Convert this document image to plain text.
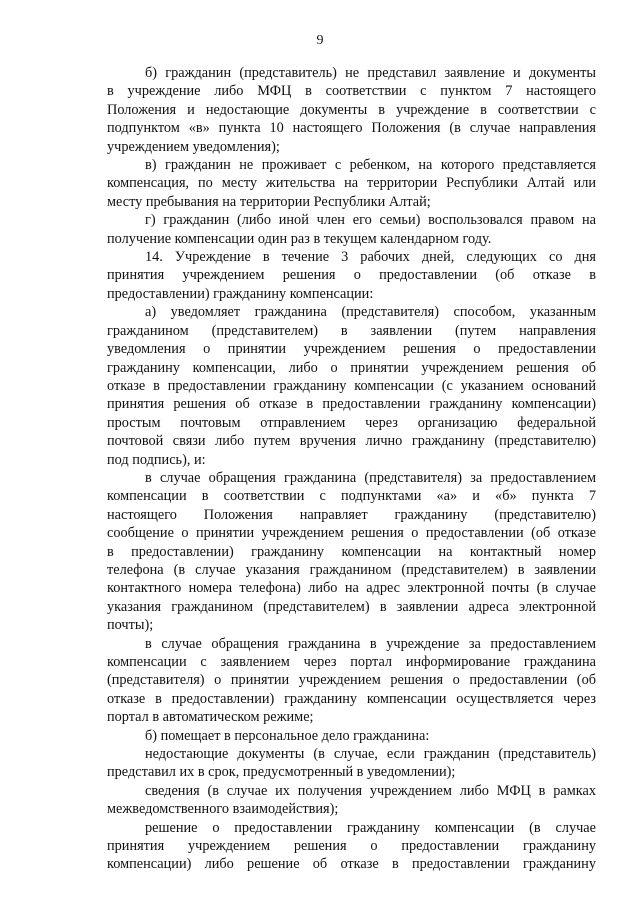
9

б) гражданин (представитель) не представил заявление и документы
в учреждение либо МФЦ в соответствии с пунктом 7 настоящего
Положения и недостающие документы в учреждение в соответствии с
подпунктом «в» пункта 10 настоящего Положения (в случае направления
учреждением уведомления);

в) гражданин не проживает с ребенком, на которого представляется
компенсация, по месту жительства на территории Республики Алтай или
месту пребывания на территории Республики Алтай;

г) гражданин (либо иной член его семьи) воспользовался правом на
получение компенсации один раз в текущем календарном году.

14. Учреждение в течение 3 рабочих дней, следующих со дня
принятия учреждением решения о предоставлении (об отказе в
предоставлении) гражданину компенсации:

а) уведомляет гражданина (представителя) способом, указанным
гражданином (представителем) в заявлении (путем направления
уведомления о принятии учреждением решения о предоставлении
гражданину компенсации, либо о принятии учреждением решения об
отказе в предоставлении гражданину компенсации (с указанием оснований
принятия решения об отказе в предоставлении гражданину компенсации)
простым почтовым отправлением через организацию федеральной
почтовой связи либо путем вручения лично гражданину (представителю)
под подпись), и:

в случае обращения гражданина (представителя) за предоставлением
компенсации в соответствии с подпунктами «а» и «б» пункта 7
настоящего Положения направляет гражданину (представителю)
сообщение о принятии учреждением решения о предоставлении (об отказе
в предоставлении) гражданину компенсации на контактный номер
телефона (в случае указания гражданином (представителем) в заявлении
контактного номера телефона) либо на адрес электронной почты (в случае
указания гражданином (представителем) в заявлении адреса электронной
почты);

в случае обращения гражданина в учреждение за предоставлением
компенсации с заявлением через портал информирование гражданина
(представителя) о принятии учреждением решения о предоставлении (об
отказе в предоставлении) гражданину компенсации осуществляется через
портал в автоматическом режиме;

б) помещает в персональное дело гражданина:

недостающие документы (в случае, если гражданин (представитель)
представил их в срок, предусмотренный в уведомлении);

сведения (в случае их получения учреждением либо МФЦ в рамках
межведомственного взаимодействия);

решение о предоставлении гражданину компенсации (в случае
принятия учреждением решения о предоставлении гражданину
компенсации) либо решение об отказе в предоставлении гражданину
